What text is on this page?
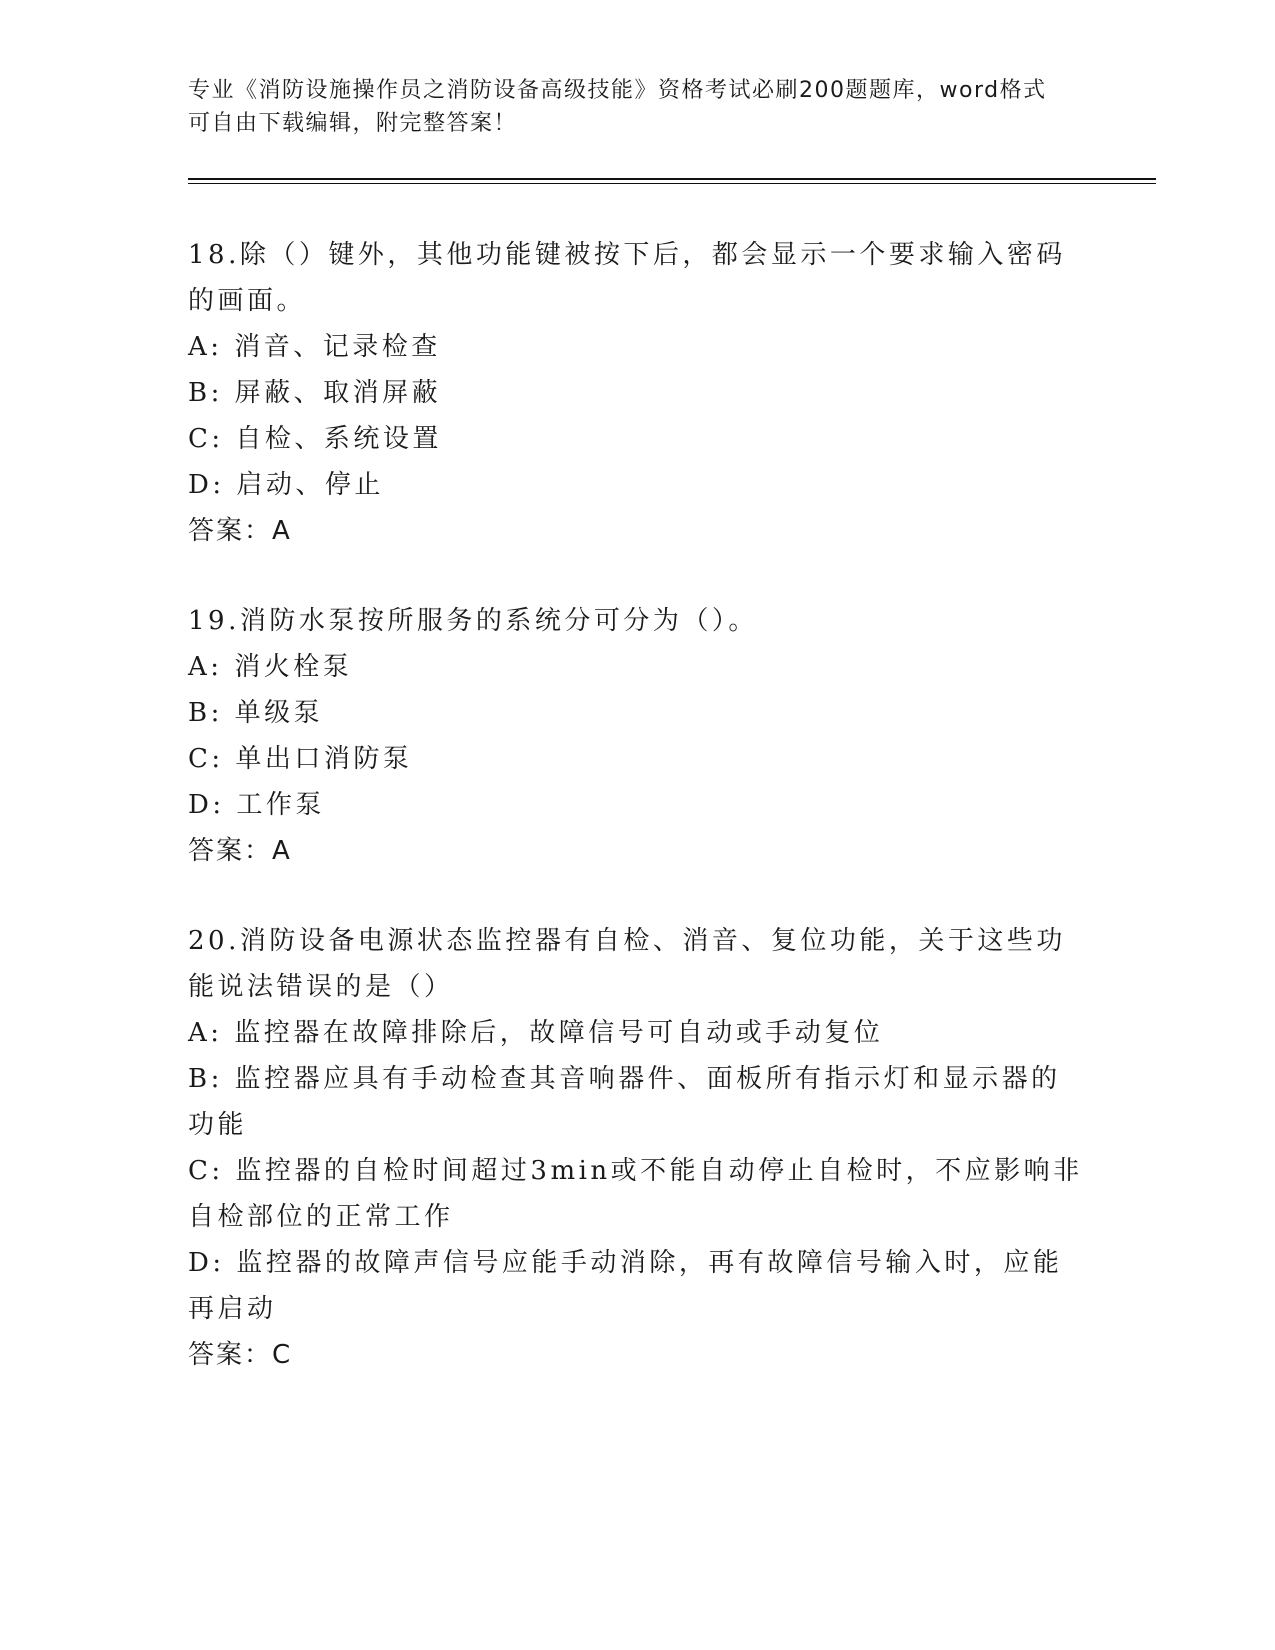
专业《消防设施操作员之消防设备高级技能》资格考试必刷200题题库，word格式可自由下载编辑，附完整答案！
18.除（）键外，其他功能键被按下后，都会显示一个要求输入密码的画面。
A: 消音、记录检查
B: 屏蔽、取消屏蔽
C: 自检、系统设置
D: 启动、停止
答案：A
19.消防水泵按所服务的系统分可分为（）。
A: 消火栓泵
B: 单级泵
C: 单出口消防泵
D: 工作泵
答案：A
20.消防设备电源状态监控器有自检、消音、复位功能，关于这些功能说法错误的是（）
A: 监控器在故障排除后，故障信号可自动或手动复位
B: 监控器应具有手动检查其音响器件、面板所有指示灯和显示器的功能
C: 监控器的自检时间超过3min或不能自动停止自检时，不应影响非自检部位的正常工作
D: 监控器的故障声信号应能手动消除，再有故障信号输入时，应能再启动
答案：C
